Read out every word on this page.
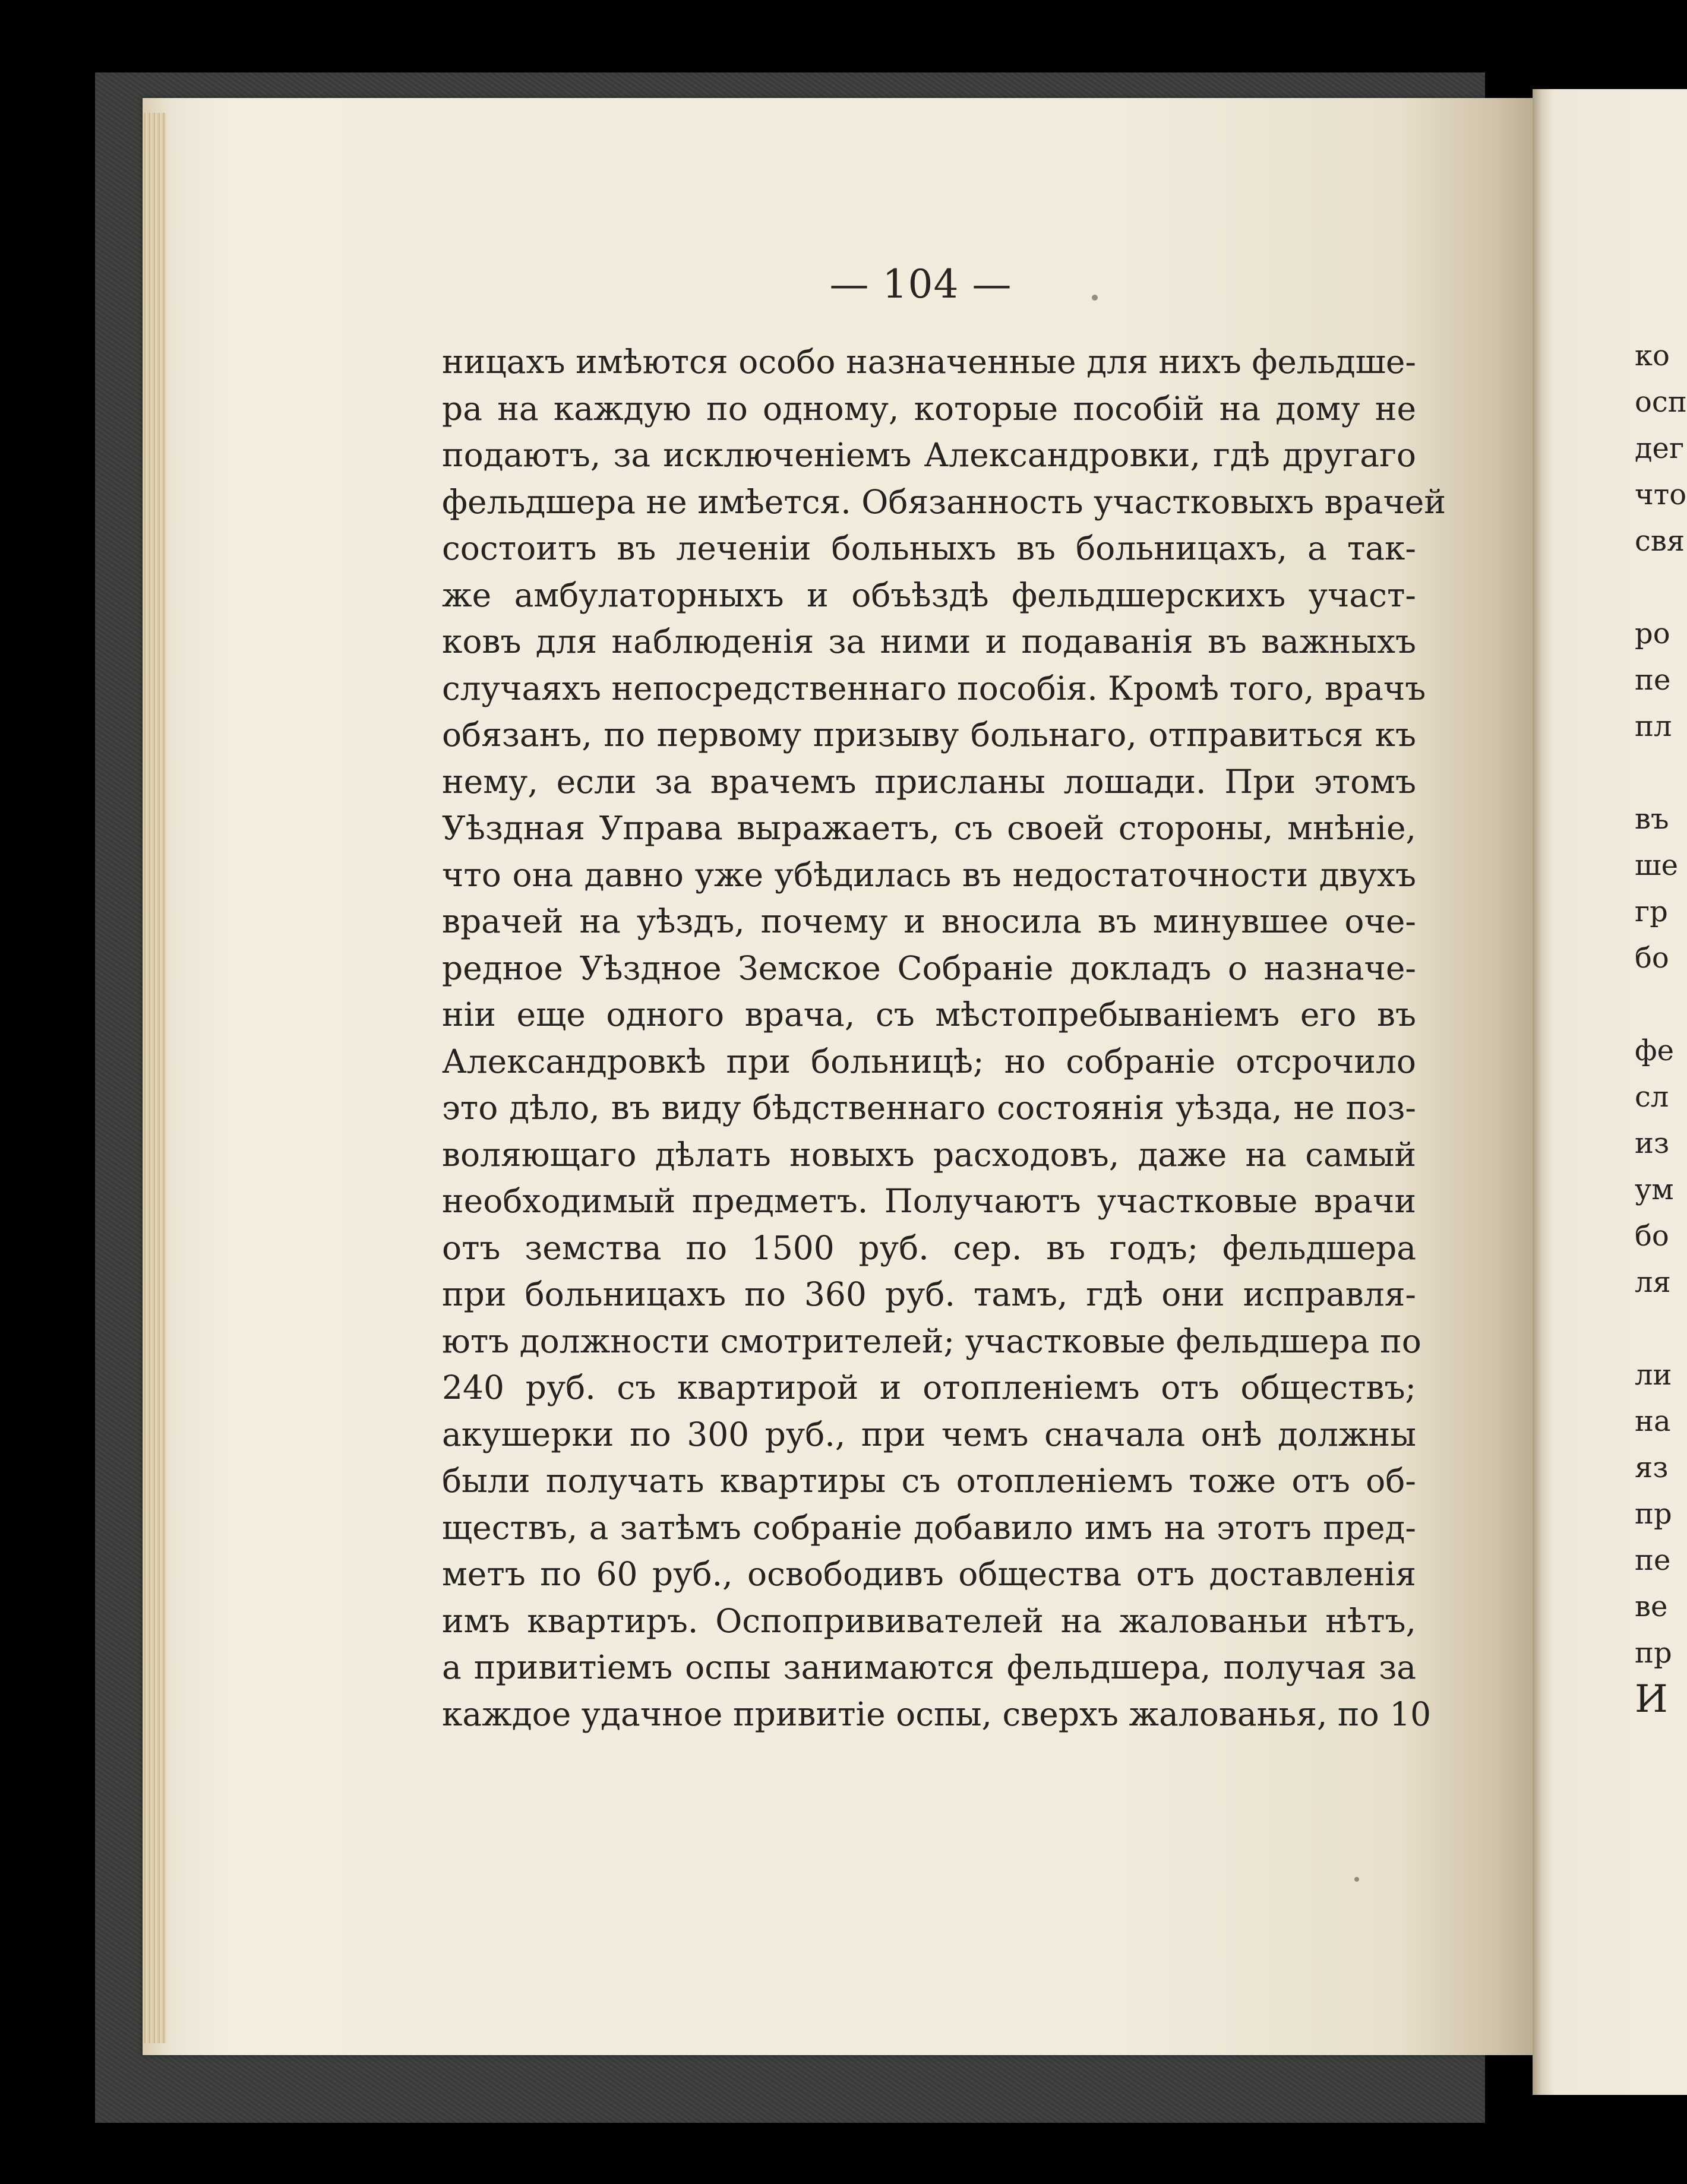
— 104 —
ницахъ имѣются особо назначенные для нихъ фельдше-
ра на каждую по одному, которые пособій на дому не
подаютъ, за исключеніемъ Александровки, гдѣ другаго
фельдшера не имѣется. Обязанность участковыхъ врачей
состоитъ въ леченіи больныхъ въ больницахъ, а так-
же амбулаторныхъ и объѣздѣ фельдшерскихъ участ-
ковъ для наблюденія за ними и подаванія въ важныхъ
случаяхъ непосредственнаго пособія. Кромѣ того, врачъ
обязанъ, по первому призыву больнаго, отправиться къ
нему, если за врачемъ присланы лошади. При этомъ
Уѣздная Управа выражаетъ, съ своей стороны, мнѣніе,
что она давно уже убѣдилась въ недостаточности двухъ
врачей на уѣздъ, почему и вносила въ минувшее оче-
редное Уѣздное Земское Собраніе докладъ о назначе-
ніи еще одного врача, съ мѣстопребываніемъ его въ
Александровкѣ при больницѣ; но собраніе отсрочило
это дѣло, въ виду бѣдственнаго состоянія уѣзда, не поз-
воляющаго дѣлать новыхъ расходовъ, даже на самый
необходимый предметъ. Получаютъ участковые врачи
отъ земства по 1500 руб. сер. въ годъ; фельдшера
при больницахъ по 360 руб. тамъ, гдѣ они исправля-
ютъ должности смотрителей; участковые фельдшера по
240 руб. съ квартирой и отопленіемъ отъ обществъ;
акушерки по 300 руб., при чемъ сначала онѣ должны
были получать квартиры съ отопленіемъ тоже отъ об-
ществъ, а затѣмъ собраніе добавило имъ на этотъ пред-
метъ по 60 руб., освободивъ общества отъ доставленія
имъ квартиръ. Оспопрививателей на жалованьи нѣтъ,
а привитіемъ оспы занимаются фельдшера, получая за
каждое удачное привитіе оспы, сверхъ жалованья, по 10
ко
осп
дег
что
свя
ро
пе
пл
въ
ше
гр
бо
фе
сл
из
ум
бо
ля
ли
на
яз
пр
пе
ве
пр
И
